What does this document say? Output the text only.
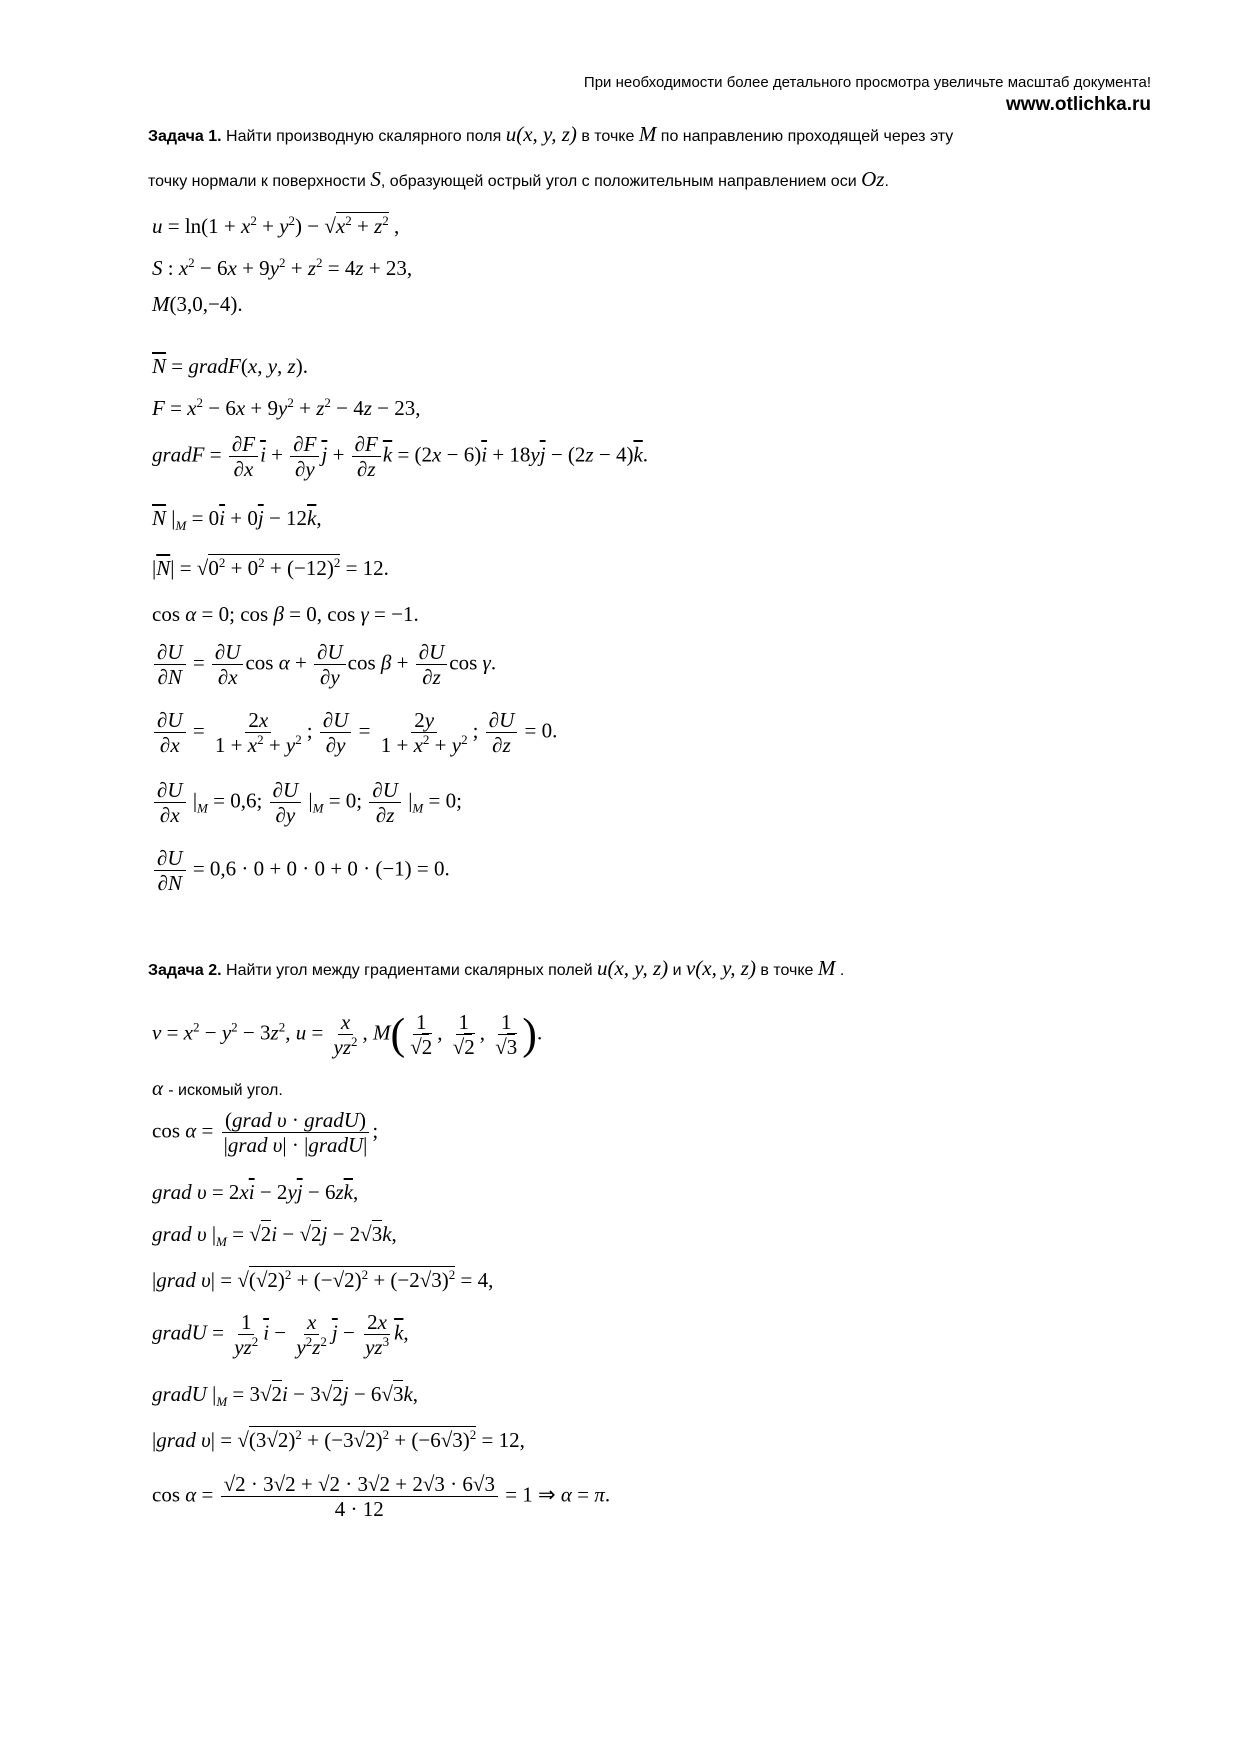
При необходимости более детального просмотра увеличьте масштаб документа!
www.otlichka.ru
Задача 1. Найти производную скалярного поля u(x, y, z) в точке M по направлению проходящей через эту
точку нормали к поверхности S, образующей острый угол с положительным направлением оси Oz.
$u = \ln(1 + x^2 + y^2) - √x^2 + z^2$ ,
S : $x^2 - 6x + 9y^2 + z^2 = 4z + 23$,
M(3,0,−4).
$\overline{N}$ = gradF(x, y, z).
$F = x^2 - 6x + 9y^2 + z^2 - 4z - 23$,
gradF = $\frac{\partial F}{\partial x} \overline{i} + \frac{\partial F}{\partial y} \overline{j} + \frac{\partial F}{\partial z} \overline{k} = (2x - 6)\overline{i} + 18y\overline{j} - (2z - 4)\overline{k}$.
$\overline{N}$ $|_M = 0\overline{i} + 0\overline{j} - 12\overline{k}$,
$|\overline{N}| = √0^2 + 0^2 + (-12)^2 = 12$.
cos α = 0; cos β = 0, cos γ = −1.
$\frac{\partial U}{\partial N} = \frac{\partial U}{\partial x}$ $\cos \alpha + \frac{\partial U}{\partial y}$ $\cos \beta + \frac{\partial U}{\partial z}$ cos γ.
$\frac{\partial U}{\partial x} = \frac{2x}{1 + x^2 + y^2}$ ; $\frac{\partial U}{\partial y} = \frac{2y}{1 + x^2 + y^2}$ ; $\frac{\partial U}{\partial z} = 0$.
$\frac{\partial U}{\partial x} |_M = 0,6$; $\frac{\partial U}{\partial y} |_M = 0$; $\frac{\partial U}{\partial z} |_M = 0$;
$\frac{\partial U}{\partial N} = 0,6 \cdot 0 + 0 \cdot 0 + 0 \cdot (-1) = 0$.
Задача 2. Найти угол между градиентами скалярных полей u(x, y, z) и v(x, y, z) в точке M .
$v = x^2 - y^2 - 3z^2$, $u = \frac{x}{yz^2}$ , $M( \frac{1}{√2}$ , $\frac{1}{√2}$ , $\frac{1}{√3}$ ).
α - искомый угол.
$\cos \alpha = \frac{\text{(grad υ · gradU)}}{\text{|grad υ| · |gradU|}}$ ;
grad $\upsilon = 2x\overline{i} - 2y\overline{j} - 6z\overline{k}$,
grad υ $|_M = √2i - √2j - 2√3k$,
|grad $\upsilon| = √(√2)^2 + (-√2)^2 + (-2√3)^2 = 4$,
gradU = $\frac{1}{yz^2} \overline{i} - \frac{x}{y^2z^2} \overline{j} - \frac{2x}{yz^3} \overline{k}$,
gradU $|_M = 3√2i - 3√2j - 6√3k$,
|grad $\upsilon| = √(3√2)^2 + (-3√2)^2 + (-6√3)^2 = 12$,
$\cos \alpha = \frac{√2 \cdot 3√2 + √2 \cdot 3√2 + 2√3 \cdot 6√3}{4 \cdot 12} = 1$ ⇒ α = π.
